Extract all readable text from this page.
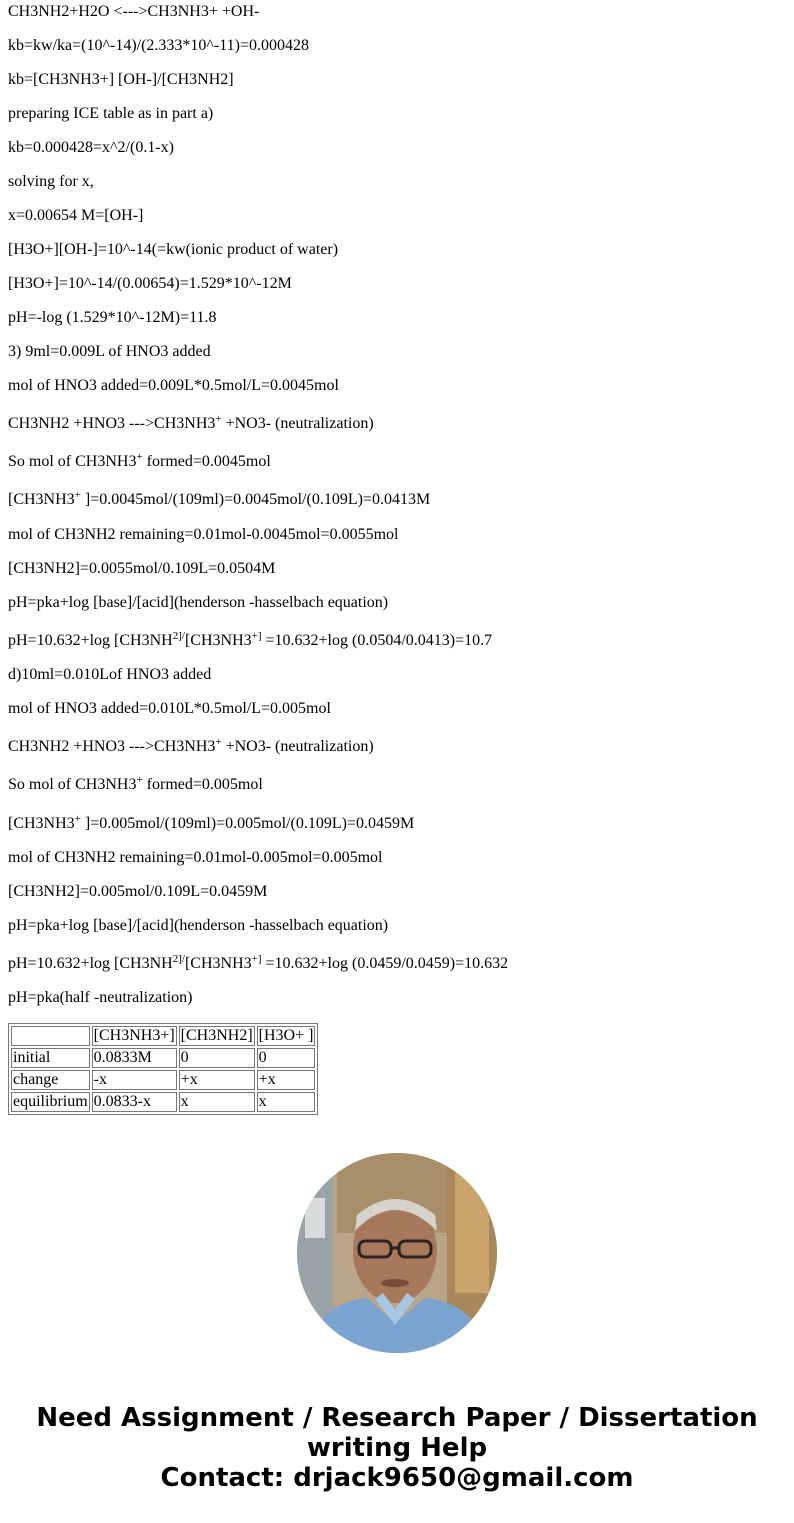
CH3NH2+H2O <--->CH3NH3+ +OH-
kb=kw/ka=(10^-14)/(2.333*10^-11)=0.000428
kb=[CH3NH3+] [OH-]/[CH3NH2]
preparing ICE table as in part a)
kb=0.000428=x^2/(0.1-x)
solving for x,
x=0.00654 M=[OH-]
[H3O+][OH-]=10^-14(=kw(ionic product of water)
[H3O+]=10^-14/(0.00654)=1.529*10^-12M
pH=-log (1.529*10^-12M)=11.8
3) 9ml=0.009L of HNO3 added
mol of HNO3 added=0.009L*0.5mol/L=0.0045mol
CH3NH2 +HNO3 --->CH3NH3+ +NO3- (neutralization)
So mol of CH3NH3+ formed=0.0045mol
[CH3NH3+ ]=0.0045mol/(109ml)=0.0045mol/(0.109L)=0.0413M
mol of CH3NH2 remaining=0.01mol-0.0045mol=0.0055mol
[CH3NH2]=0.0055mol/0.109L=0.0504M
pH=pka+log [base]/[acid](henderson -hasselbach equation)
pH=10.632+log [$CH3NH^{2]/}[CH3NH3^{+]} =10.632+\log$ (0.0504/0.0413)=10.7
d)10ml=0.010Lof HNO3 added
mol of HNO3 added=0.010L*0.5mol/L=0.005mol
CH3NH2 +HNO3 --->CH3NH3+ +NO3- (neutralization)
So mol of CH3NH3+ formed=0.005mol
[CH3NH3+ ]=0.005mol/(109ml)=0.005mol/(0.109L)=0.0459M
mol of CH3NH2 remaining=0.01mol-0.005mol=0.005mol
[CH3NH2]=0.005mol/0.109L=0.0459M
pH=pka+log [base]/[acid](henderson -hasselbach equation)
pH=10.632+log [$CH3NH^{2]/}[CH3NH3^{+]} =10.632+\log$ (0.0459/0.0459)=10.632
pH=pka(half -neutralization)
	[CH3NH3+]	[CH3NH2]	[H3O+ ]
initial	0.0833M	0	0
change	-x	+x	+x
equilibrium	0.0833-x	x	x
Need Assignment / Research Paper / Dissertation
writing Help
Contact: drjack9650@gmail.com
